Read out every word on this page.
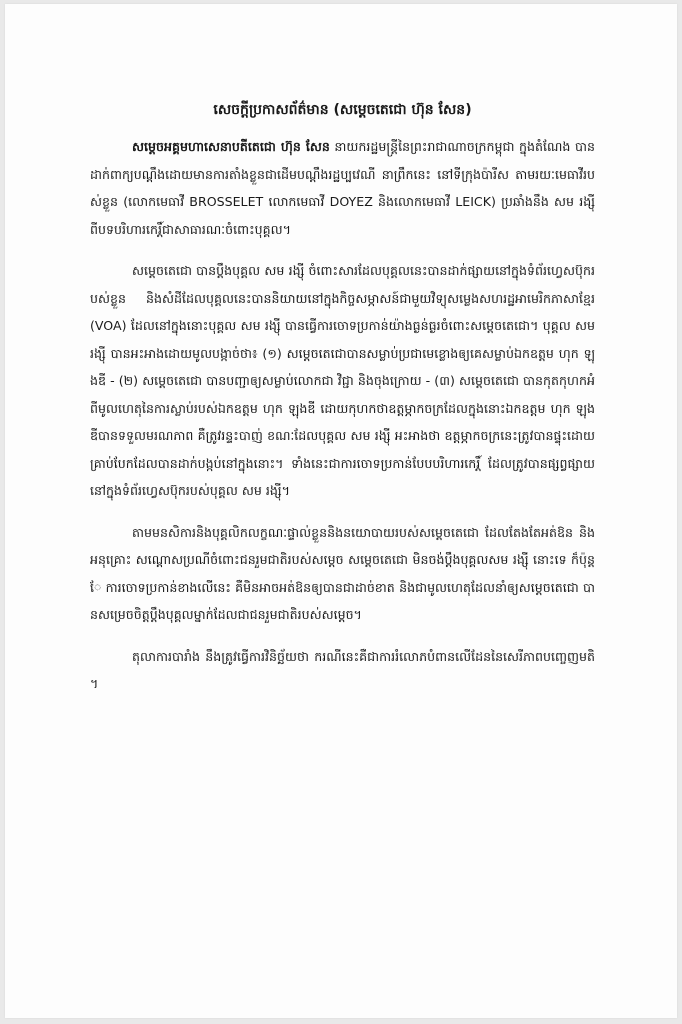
សេចក្តីប្រកាសព័ត៌មាន (សម្តេចតេជោ ហ៊ុន សែន)

សម្តេចអគ្គមហាសេនាបតីតេជោ ហ៊ុន សែន នាយករដ្ឋមន្ត្រីនៃព្រះរាជាណាចក្រកម្ពុជា ក្នុងតំណែង បានដាក់ពាក្យបណ្តឹងដោយមានការតាំងខ្លួនជាដើមបណ្តឹងរដ្ឋប្បវេណី នាព្រឹកនេះ នៅទីក្រុងប៉ារីស តាមរយៈមេធាវីរបស់ខ្លួន (លោកមេធាវី BROSSELET លោកមេធាវី DOYEZ និងលោកមេធាវី LEICK) ប្រឆាំងនឹង សម រង្ស៊ី ពីបទបរិហារកេរ្តិ៍ជាសាធារណៈចំពោះបុគ្គល។

សម្តេចតេជោ បានប្តឹងបុគ្គល សម រង្ស៊ី ចំពោះសារដែលបុគ្គលនេះបានដាក់ផ្សាយនៅក្នុងទំព័រហ្វេសប៊ុករបស់ខ្លួន និងសំដីដែលបុគ្គលនេះបាននិយាយនៅក្នុងកិច្ចសម្ភាសន៍ជាមួយវិទ្យុសម្លេងសហរដ្ឋអាមេរិកភាសាខ្មែរ (VOA) ដែលនៅក្នុងនោះបុគ្គល សម រង្ស៊ី បានធ្វើការចោទប្រកាន់យ៉ាងធ្ងន់ធ្ងរចំពោះសម្តេចតេជោ។ បុគ្គល សម រង្ស៊ី បានអះអាងដោយមូលបង្កាច់ថា៖ (១) សម្តេចតេជោបានសម្លាប់ប្រជាមេខ្លោងឲ្យគេសម្លាប់ឯកឧត្តម ហុក ឡុងឌី - (២) សម្តេចតេជោ បានបញ្ជាឲ្យសម្លាប់លោកជា វិជ្ជា និងចុងក្រោយ - (៣) សម្តេចតេជោ បានកុតកុហកអំពីមូលហេតុនៃការស្លាប់របស់ឯកឧត្តម ហុក ឡុងឌី ដោយកុហកថាឧត្តម្ភាកចក្រដែលក្នុងនោះឯកឧត្តម ហុក ឡុងឌីបានទទួលមរណភាព គឺត្រូវរន្ទះបាញ់ ខណៈដែលបុគ្គល សម រង្ស៊ី អះអាងថា ឧត្តម្ភាកចក្រនេះត្រូវបានផ្ទុះដោយគ្រាប់បែកដែលបានដាក់បង្កប់នៅក្នុងនោះ។ ទាំងនេះជាការចោទប្រកាន់បែបបរិហារកេរ្តិ៍ ដែលត្រូវបានផ្សព្វផ្សាយនៅក្នុងទំព័រហ្វេសប៊ុករបស់បុគ្គល សម រង្ស៊ី។

តាមមនសិការនិងបុគ្គលិកលក្ខណៈផ្ទាល់ខ្លួននិងនយោបាយរបស់សម្តេចតេជោ ដែលតែងតែអត់ឱន និងអនុគ្រោះ សណ្តោសប្រណីចំពោះជនរួមជាតិរបស់សម្តេច សម្តេចតេជោ មិនចង់ប្តឹងបុគ្គលសម រង្ស៊ី នោះទេ ក៏ប៉ុន្តែ ការចោទប្រកាន់ខាងលើនេះ គឺមិនអាចអត់ឱនឲ្យបានជាដាច់ខាត និងជាមូលហេតុដែលនាំឲ្យសម្តេចតេជោ បានសម្រេចចិត្តប្តឹងបុគ្គលម្នាក់ដែលជាជនរួមជាតិរបស់សម្តេច។

តុលាការបារាំង នឹងត្រូវធ្វើការវិនិច្ឆ័យថា ករណីនេះគឺជាការរំលោភបំពានលើដែននៃសេរីភាពបញ្ចេញមតិ។
